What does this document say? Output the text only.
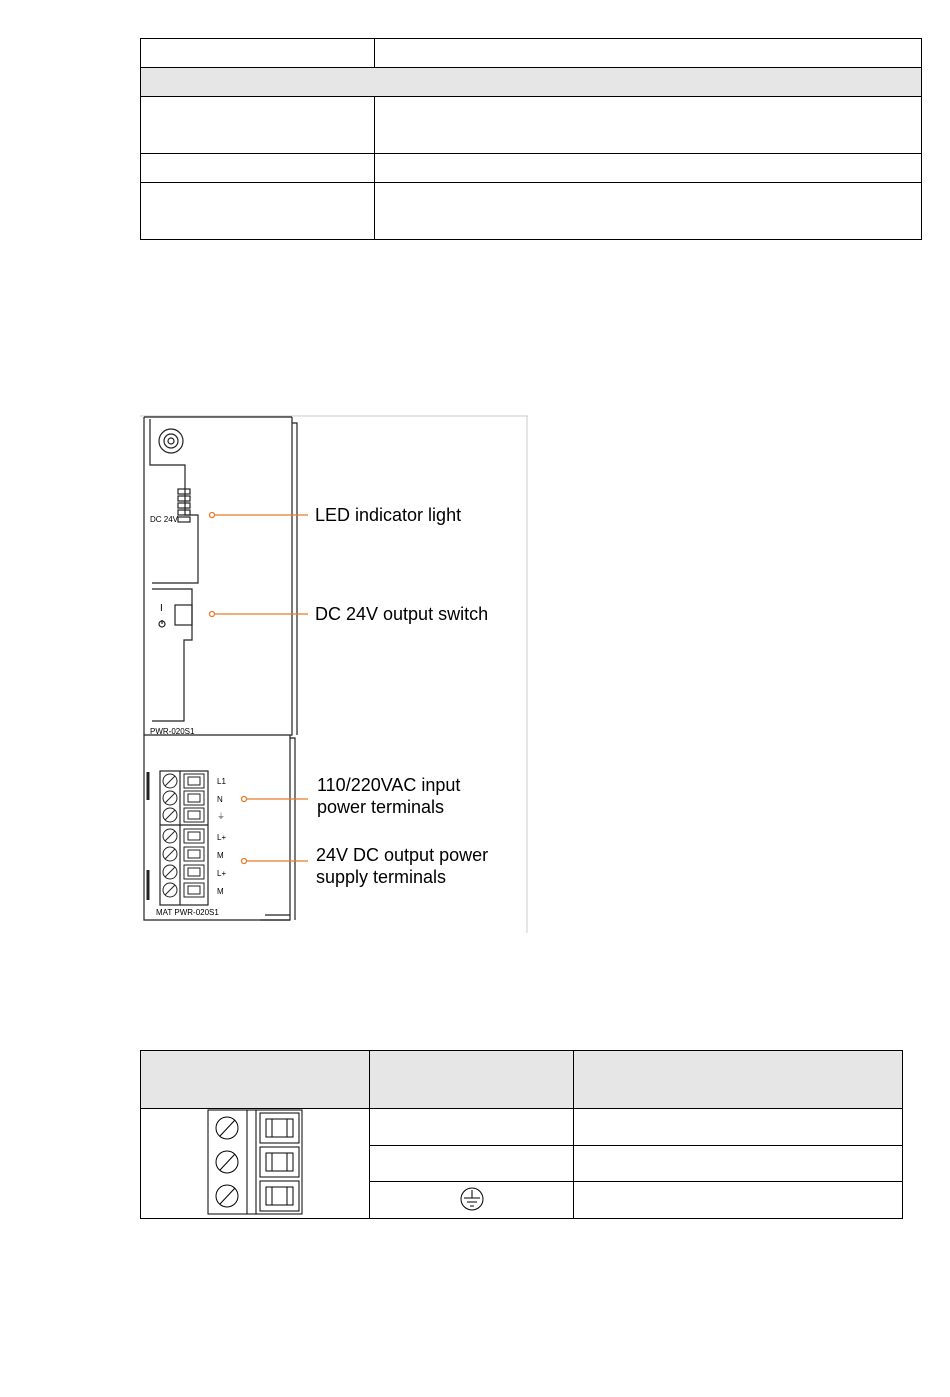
DC 24V
I
PWR-020S1
MAT PWR-020S1
L1
N
⏚
L+
M
L+
M
LED indicator light
DC 24V output switch
110/220VAC input
power terminals
24V DC output power
supply terminals
